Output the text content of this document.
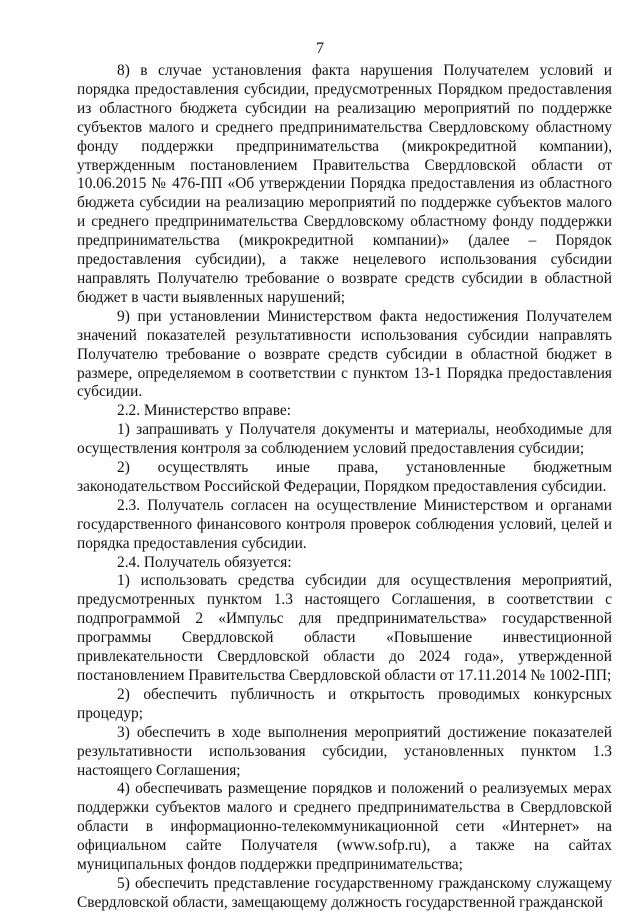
7

8) в случае установления факта нарушения Получателем условий и порядка предоставления субсидии, предусмотренных Порядком предоставления из областного бюджета субсидии на реализацию мероприятий по поддержке субъектов малого и среднего предпринимательства Свердловскому областному фонду поддержки предпринимательства (микрокредитной компании), утвержденным постановлением Правительства Свердловской области от 10.06.2015 № 476-ПП «Об утверждении Порядка предоставления из областного бюджета субсидии на реализацию мероприятий по поддержке субъектов малого и среднего предпринимательства Свердловскому областному фонду поддержки предпринимательства (микрокредитной компании)» (далее – Порядок предоставления субсидии), а также нецелевого использования субсидии направлять Получателю требование о возврате средств субсидии в областной бюджет в части выявленных нарушений;

9) при установлении Министерством факта недостижения Получателем значений показателей результативности использования субсидии направлять Получателю требование о возврате средств субсидии в областной бюджет в размере, определяемом в соответствии с пунктом 13-1 Порядка предоставления субсидии.

2.2. Министерство вправе:

1) запрашивать у Получателя документы и материалы, необходимые для осуществления контроля за соблюдением условий предоставления субсидии;

2) осуществлять иные права, установленные бюджетным законодательством Российской Федерации, Порядком предоставления субсидии.

2.3. Получатель согласен на осуществление Министерством и органами государственного финансового контроля проверок соблюдения условий, целей и порядка предоставления субсидии.

2.4. Получатель обязуется:

1) использовать средства субсидии для осуществления мероприятий, предусмотренных пунктом 1.3 настоящего Соглашения, в соответствии с подпрограммой 2 «Импульс для предпринимательства» государственной программы Свердловской области «Повышение инвестиционной привлекательности Свердловской области до 2024 года», утвержденной постановлением Правительства Свердловской области от 17.11.2014 № 1002-ПП;

2) обеспечить публичность и открытость проводимых конкурсных процедур;

3) обеспечить в ходе выполнения мероприятий достижение показателей результативности использования субсидии, установленных пунктом 1.3 настоящего Соглашения;

4) обеспечивать размещение порядков и положений о реализуемых мерах поддержки субъектов малого и среднего предпринимательства в Свердловской области в информационно-телекоммуникационной сети «Интернет» на официальном сайте Получателя (www.sofp.ru), а также на сайтах муниципальных фондов поддержки предпринимательства;

5) обеспечить представление государственному гражданскому служащему Свердловской области, замещающему должность государственной гражданской
